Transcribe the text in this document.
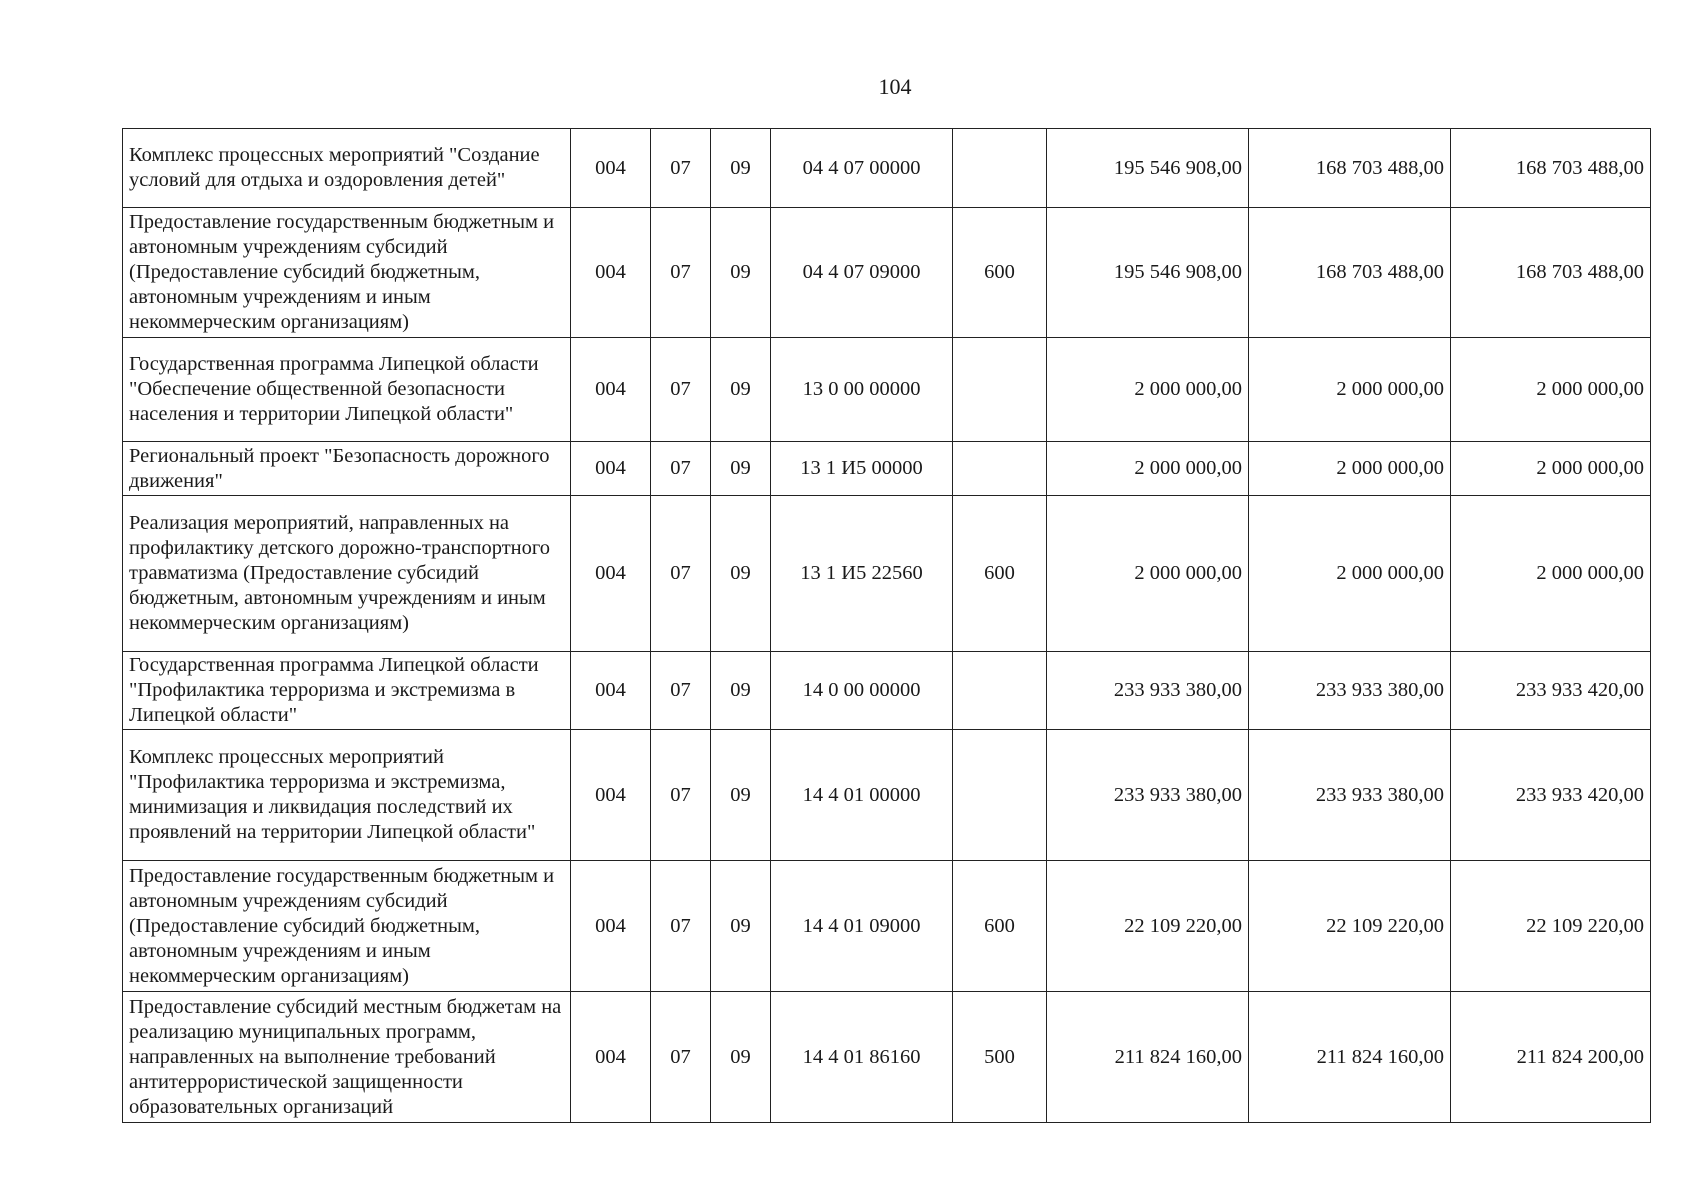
104
Комплекс процессных мероприятий "Создание условий для отдыха и оздоровления детей"	004	07	09	04 4 07 00000		195 546 908,00	168 703 488,00	168 703 488,00
Предоставление государственным бюджетным и автономным учреждениям субсидий (Предоставление субсидий бюджетным, автономным учреждениям и иным некоммерческим организациям)	004	07	09	04 4 07 09000	600	195 546 908,00	168 703 488,00	168 703 488,00
Государственная программа Липецкой области "Обеспечение общественной безопасности населения и территории Липецкой области"	004	07	09	13 0 00 00000		2 000 000,00	2 000 000,00	2 000 000,00
Региональный проект "Безопасность дорожного движения"	004	07	09	13 1 И5 00000		2 000 000,00	2 000 000,00	2 000 000,00
Реализация мероприятий, направленных на профилактику детского дорожно-транспортного травматизма (Предоставление субсидий бюджетным, автономным учреждениям и иным некоммерческим организациям)	004	07	09	13 1 И5 22560	600	2 000 000,00	2 000 000,00	2 000 000,00
Государственная программа Липецкой области "Профилактика терроризма и экстремизма в Липецкой области"	004	07	09	14 0 00 00000		233 933 380,00	233 933 380,00	233 933 420,00
Комплекс процессных мероприятий "Профилактика терроризма и экстремизма, минимизация и ликвидация последствий их проявлений на территории Липецкой области"	004	07	09	14 4 01 00000		233 933 380,00	233 933 380,00	233 933 420,00
Предоставление государственным бюджетным и автономным учреждениям субсидий (Предоставление субсидий бюджетным, автономным учреждениям и иным некоммерческим организациям)	004	07	09	14 4 01 09000	600	22 109 220,00	22 109 220,00	22 109 220,00
Предоставление субсидий местным бюджетам на реализацию муниципальных программ, направленных на выполнение требований антитеррористической защищенности образовательных организаций	004	07	09	14 4 01 86160	500	211 824 160,00	211 824 160,00	211 824 200,00
